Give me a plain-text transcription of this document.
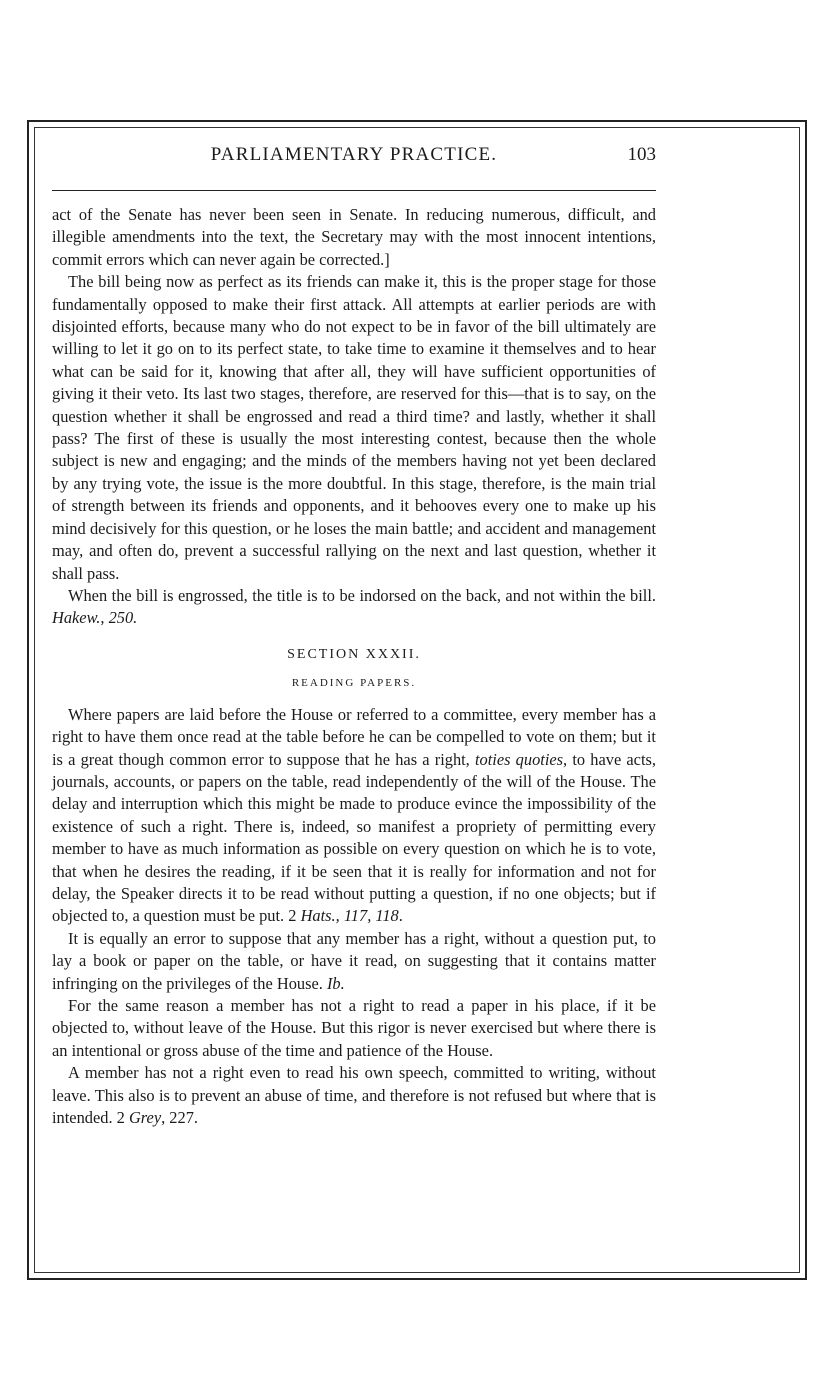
PARLIAMENTARY PRACTICE.	103

act of the Senate has never been seen in Senate. In reducing numerous, difficult, and illegible amendments into the text, the Secretary may with the most innocent intentions, commit errors which can never again be corrected.]

The bill being now as perfect as its friends can make it, this is the proper stage for those fundamentally opposed to make their first attack. All attempts at earlier periods are with disjointed efforts, because many who do not expect to be in favor of the bill ultimately are willing to let it go on to its perfect state, to take time to examine it themselves and to hear what can be said for it, knowing that after all, they will have sufficient opportunities of giving it their veto. Its last two stages, therefore, are reserved for this—that is to say, on the question whether it shall be engrossed and read a third time? and lastly, whether it shall pass? The first of these is usually the most interesting contest, because then the whole subject is new and engaging; and the minds of the members having not yet been declared by any trying vote, the issue is the more doubtful. In this stage, therefore, is the main trial of strength between its friends and opponents, and it behooves every one to make up his mind decisively for this question, or he loses the main battle; and accident and management may, and often do, prevent a successful rallying on the next and last question, whether it shall pass.

When the bill is engrossed, the title is to be indorsed on the back, and not within the bill. Hakew., 250.

SECTION XXXII.
READING PAPERS.

Where papers are laid before the House or referred to a committee, every member has a right to have them once read at the table before he can be compelled to vote on them; but it is a great though common error to suppose that he has a right, toties quoties, to have acts, journals, accounts, or papers on the table, read independently of the will of the House. The delay and interruption which this might be made to produce evince the impossibility of the existence of such a right. There is, indeed, so manifest a propriety of permitting every member to have as much information as possible on every question on which he is to vote, that when he desires the reading, if it be seen that it is really for information and not for delay, the Speaker directs it to be read without putting a question, if no one objects; but if objected to, a question must be put. 2 Hats., 117, 118.

It is equally an error to suppose that any member has a right, without a question put, to lay a book or paper on the table, or have it read, on suggesting that it contains matter infringing on the privileges of the House. Ib.

For the same reason a member has not a right to read a paper in his place, if it be objected to, without leave of the House. But this rigor is never exercised but where there is an intentional or gross abuse of the time and patience of the House.

A member has not a right even to read his own speech, committed to writing, without leave. This also is to prevent an abuse of time, and therefore is not refused but where that is intended. 2 Grey, 227.
